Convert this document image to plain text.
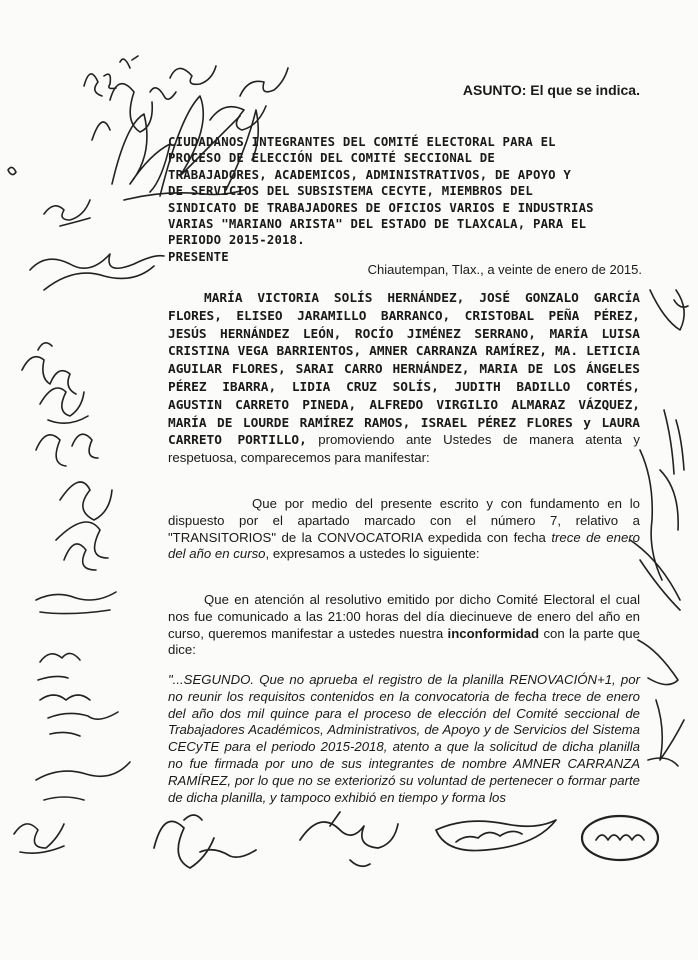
ASUNTO: El que se indica.

CIUDADANOS INTEGRANTES DEL COMITÉ ELECTORAL PARA EL

PROCESO DE ELECCIÓN DEL COMITÉ SECCIONAL DE

TRABAJADORES, ACADEMICOS, ADMINISTRATIVOS, DE APOYO Y

DE SERVICIOS DEL SUBSISTEMA CECYTE, MIEMBROS DEL

SINDICATO DE TRABAJADORES DE OFICIOS VARIOS E INDUSTRIAS

VARIAS "MARIANO ARISTA" DEL ESTADO DE TLAXCALA, PARA EL

PERIODO 2015-2018.

PRESENTE

Chiautempan, Tlax., a veinte de enero de 2015.
MARÍA VICTORIA SOLÍS HERNÁNDEZ, JOSÉ GONZALO GARCÍA FLORES, ELISEO JARAMILLO BARRANCO, CRISTOBAL PEÑA PÉREZ, JESÚS HERNÁNDEZ LEÓN, ROCÍO JIMÉNEZ SERRANO, MARÍA LUISA CRISTINA VEGA BARRIENTOS, AMNER CARRANZA RAMÍREZ, MA. LETICIA AGUILAR FLORES, SARAI CARRO HERNÁNDEZ, MARIA DE LOS ÁNGELES PÉREZ IBARRA, LIDIA CRUZ SOLÍS, JUDITH BADILLO CORTÉS, AGUSTIN CARRETO PINEDA, ALFREDO VIRGILIO ALMARAZ VÁZQUEZ, MARÍA DE LOURDE RAMÍREZ RAMOS, ISRAEL PÉREZ FLORES y LAURA CARRETO PORTILLO, promoviendo ante Ustedes de manera atenta y respetuosa, comparecemos para manifestar:
Que por medio del presente escrito y con fundamento en lo dispuesto por el apartado marcado con el número 7, relativo a "TRANSITORIOS" de la CONVOCATORIA expedida con fecha trece de enero del año en curso, expresamos a ustedes lo siguiente:
Que en atención al resolutivo emitido por dicho Comité Electoral el cual nos fue comunicado a las 21:00 horas del día diecinueve de enero del año en curso, queremos manifestar a ustedes nuestra inconformidad con la parte que dice:
"...SEGUNDO. Que no aprueba el registro de la planilla RENOVACIÓN+1, por no reunir los requisitos contenidos en la convocatoria de fecha trece de enero del año dos mil quince para el proceso de elección del Comité seccional de Trabajadores Académicos, Administrativos, de Apoyo y de Servicios del Sistema CECyTE para el periodo 2015-2018, atento a que la solicitud de dicha planilla no fue firmada por uno de sus integrantes de nombre AMNER CARRANZA RAMÍREZ, por lo que no se exteriorizó su voluntad de pertenecer o formar parte de dicha planilla, y tampoco exhibió en tiempo y forma los
